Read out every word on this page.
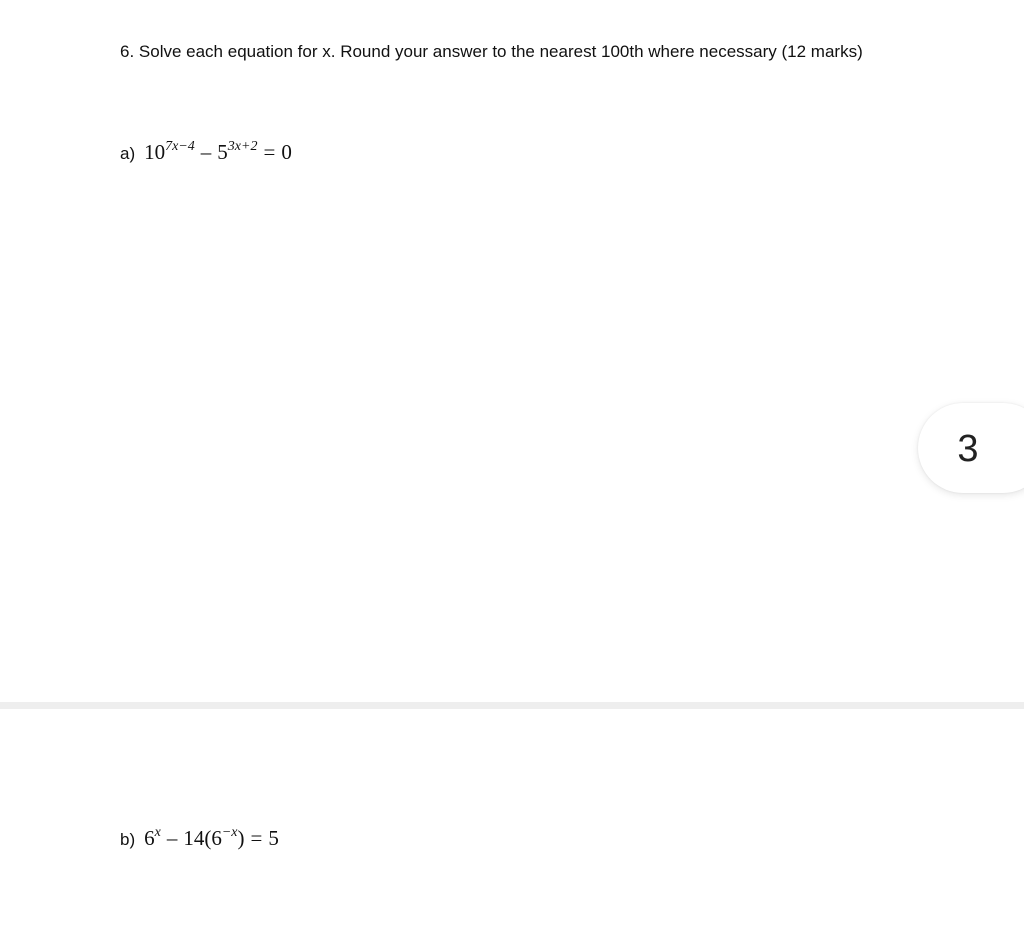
6. Solve each equation for x. Round your answer to the nearest 100th where necessary (12 marks)
a) $10^{7x-4} - 5^{3x+2} = 0$
b) $6^x - 14(6^{-x}) = 5$
3
